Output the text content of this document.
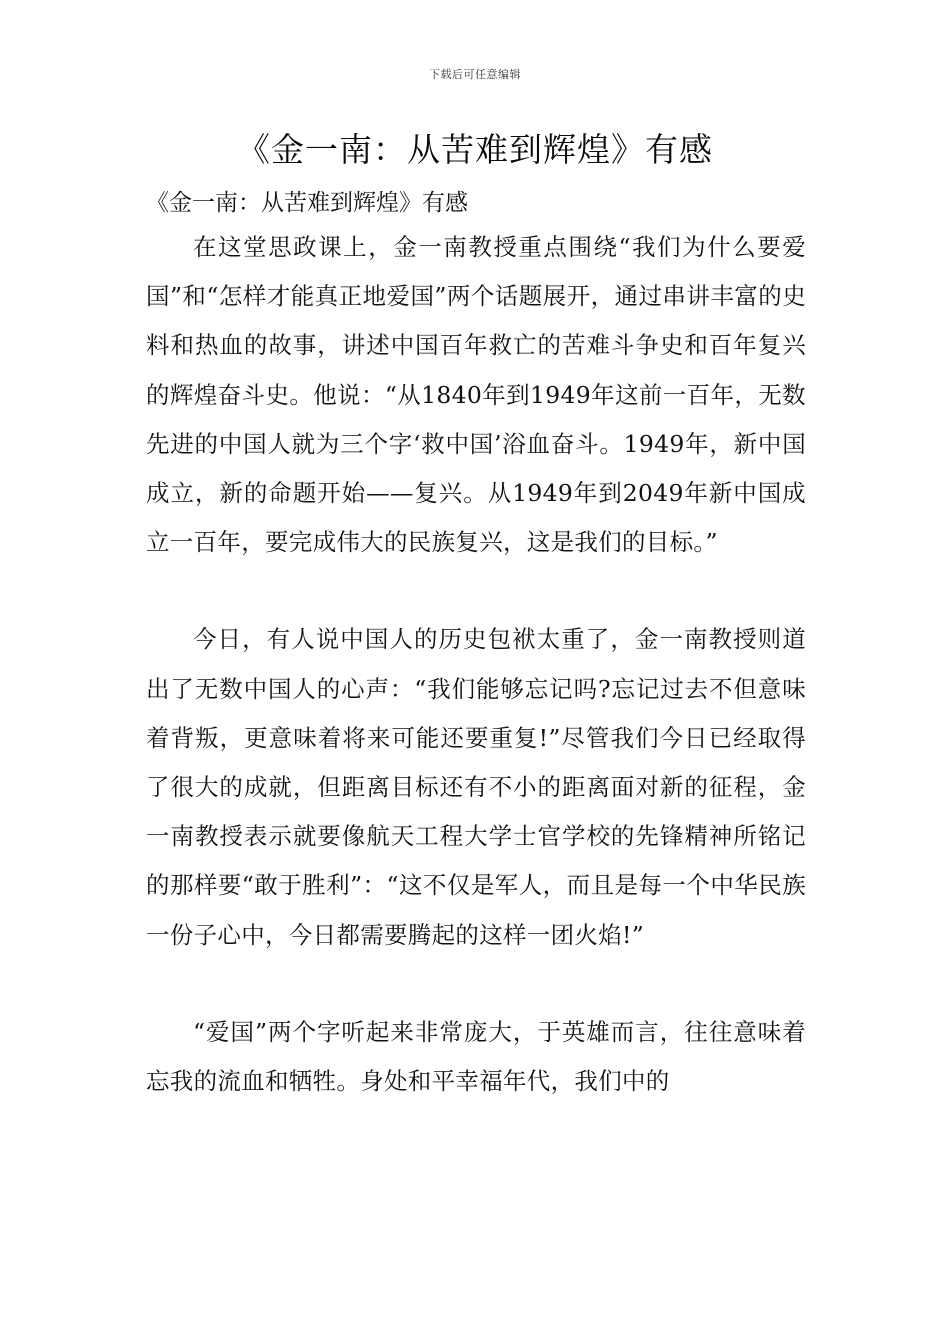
下载后可任意编辑
《金一南：从苦难到辉煌》有感
《金一南：从苦难到辉煌》有感

在这堂思政课上，金一南教授重点围绕“我们为什么要爱国”和“怎样才能真正地爱国”两个话题展开，通过串讲丰富的史料和热血的故事，讲述中国百年救亡的苦难斗争史和百年复兴的辉煌奋斗史。他说：“从1840年到1949年这前一百年，无数先进的中国人就为三个字‘救中国’浴血奋斗。1949年，新中国成立，新的命题开始——复兴。从1949年到2049年新中国成立一百年，要完成伟大的民族复兴，这是我们的目标。”

今日，有人说中国人的历史包袱太重了，金一南教授则道出了无数中国人的心声：“我们能够忘记吗?忘记过去不但意味着背叛，更意味着将来可能还要重复!”尽管我们今日已经取得了很大的成就，但距离目标还有不小的距离面对新的征程，金一南教授表示就要像航天工程大学士官学校的先锋精神所铭记的那样要“敢于胜利”：“这不仅是军人，而且是每一个中华民族一份子心中，今日都需要腾起的这样一团火焰!”

“爱国”两个字听起来非常庞大，于英雄而言，往往意味着忘我的流血和牺牲。身处和平幸福年代，我们中的
